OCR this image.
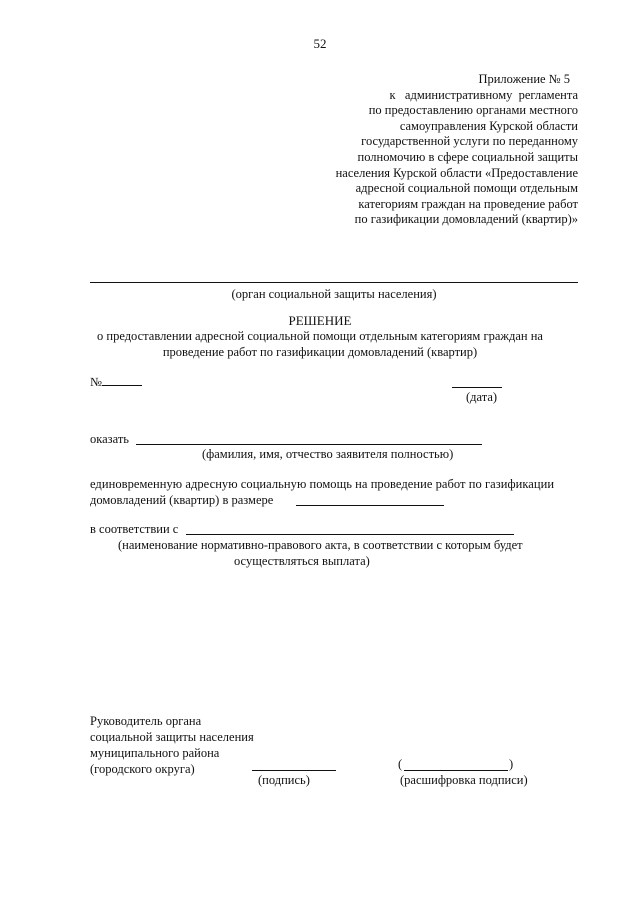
52
Приложение № 5
к   административному  регламента
по предоставлению органами местного
самоуправления Курской области
государственной услуги по переданному
полномочию в сфере социальной защиты
населения Курской области «Предоставление
адресной социальной помощи отдельным
категориям граждан на проведение работ
по газификации домовладений (квартир)»
(орган социальной защиты населения)
РЕШЕНИЕ
о предоставлении адресной социальной помощи отдельным категориям граждан на
проведение работ по газификации домовладений (квартир)
№
(дата)
оказать
(фамилия, имя, отчество заявителя полностью)
единовременную адресную социальную помощь на проведение работ по газификации
домовладений (квартир) в размере
в соответствии с
(наименование нормативно-правового акта, в соответствии с которым будет
осуществляться выплата)
Руководитель органа
социальной защиты населения
муниципального района
(городского округа)
(подпись)
(	)
(расшифровка подписи)
